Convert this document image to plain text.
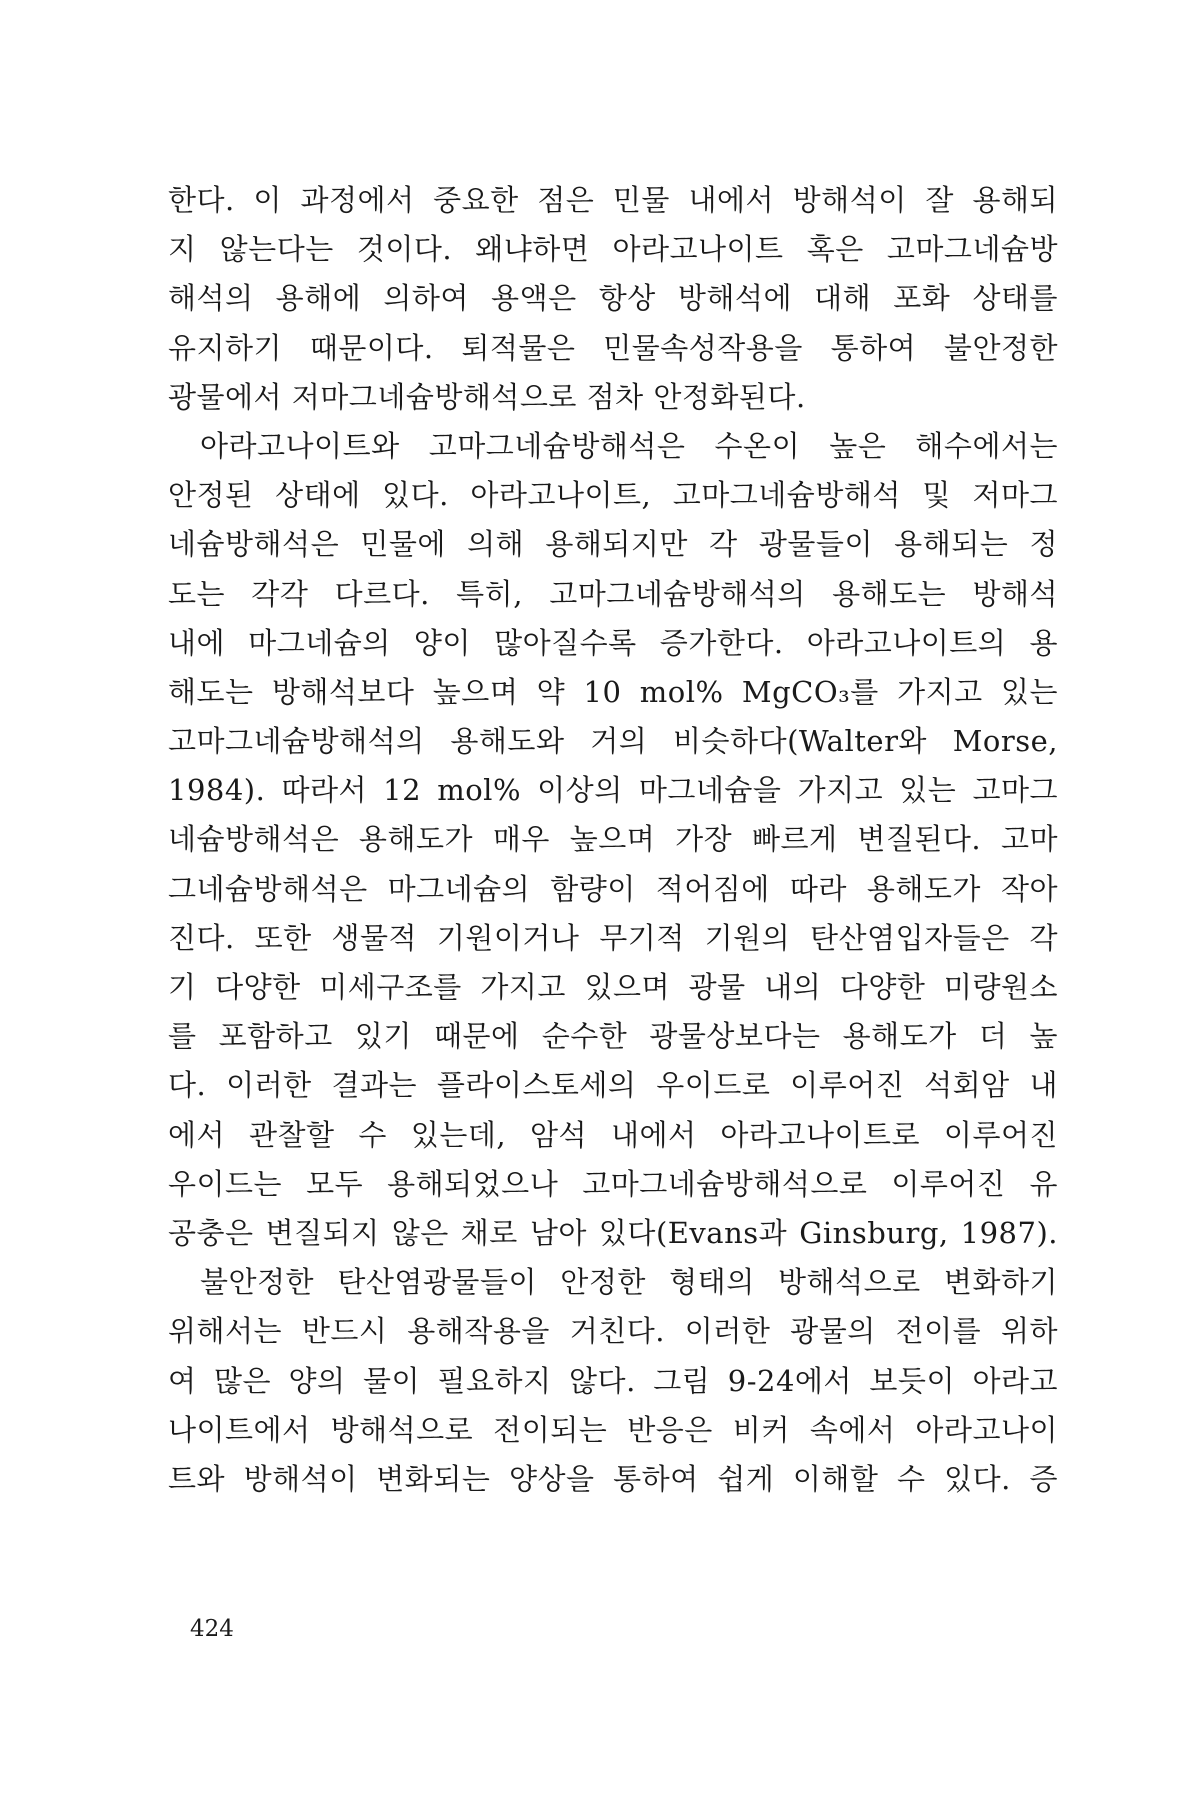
한다. 이 과정에서 중요한 점은 민물 내에서 방해석이 잘 용해되
지 않는다는 것이다. 왜냐하면 아라고나이트 혹은 고마그네슘방
해석의 용해에 의하여 용액은 항상 방해석에 대해 포화 상태를
유지하기 때문이다. 퇴적물은 민물속성작용을 통하여 불안정한
광물에서 저마그네슘방해석으로 점차 안정화된다.
아라고나이트와 고마그네슘방해석은 수온이 높은 해수에서는
안정된 상태에 있다. 아라고나이트, 고마그네슘방해석 및 저마그
네슘방해석은 민물에 의해 용해되지만 각 광물들이 용해되는 정
도는 각각 다르다. 특히, 고마그네슘방해석의 용해도는 방해석
내에 마그네슘의 양이 많아질수록 증가한다. 아라고나이트의 용
해도는 방해석보다 높으며 약 10 mol% MgCO₃를 가지고 있는
고마그네슘방해석의 용해도와 거의 비슷하다(Walter와 Morse,
1984). 따라서 12 mol% 이상의 마그네슘을 가지고 있는 고마그
네슘방해석은 용해도가 매우 높으며 가장 빠르게 변질된다. 고마
그네슘방해석은 마그네슘의 함량이 적어짐에 따라 용해도가 작아
진다. 또한 생물적 기원이거나 무기적 기원의 탄산염입자들은 각
기 다양한 미세구조를 가지고 있으며 광물 내의 다양한 미량원소
를 포함하고 있기 때문에 순수한 광물상보다는 용해도가 더 높
다. 이러한 결과는 플라이스토세의 우이드로 이루어진 석회암 내
에서 관찰할 수 있는데, 암석 내에서 아라고나이트로 이루어진
우이드는 모두 용해되었으나 고마그네슘방해석으로 이루어진 유
공충은 변질되지 않은 채로 남아 있다(Evans과 Ginsburg, 1987).
불안정한 탄산염광물들이 안정한 형태의 방해석으로 변화하기
위해서는 반드시 용해작용을 거친다. 이러한 광물의 전이를 위하
여 많은 양의 물이 필요하지 않다. 그림 9-24에서 보듯이 아라고
나이트에서 방해석으로 전이되는 반응은 비커 속에서 아라고나이
트와 방해석이 변화되는 양상을 통하여 쉽게 이해할 수 있다. 증
424
